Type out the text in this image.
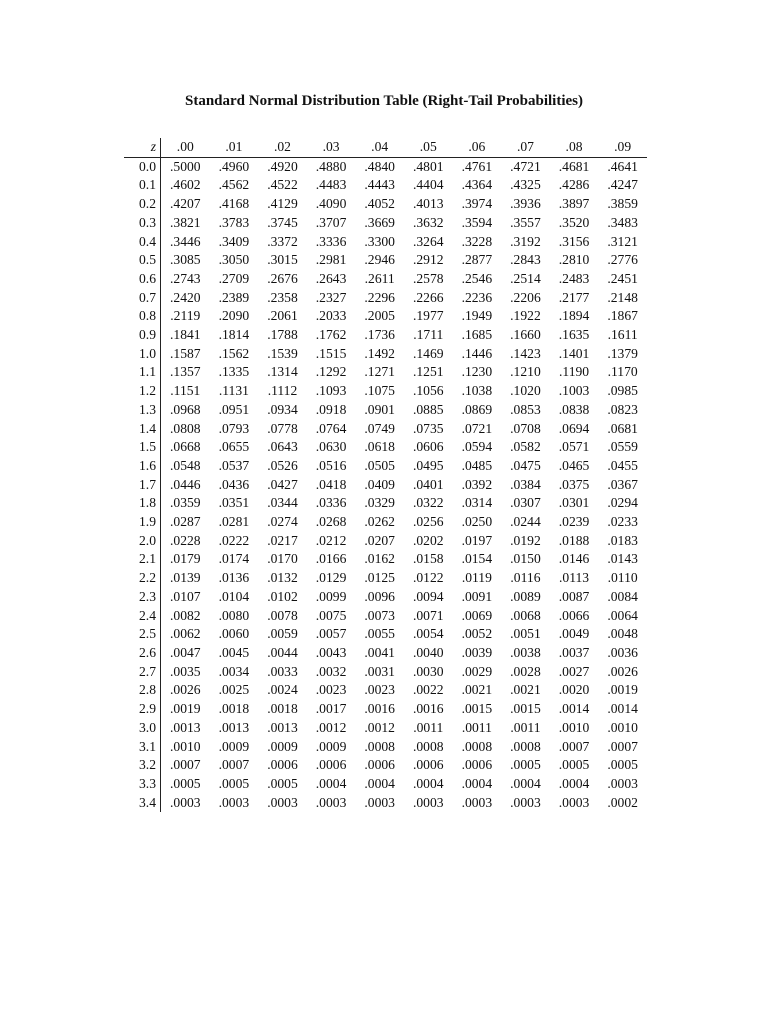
Standard Normal Distribution Table (Right-Tail Probabilities)
z	.00	.01	.02	.03	.04	.05	.06	.07	.08	.09
0.0	.5000	.4960	.4920	.4880	.4840	.4801	.4761	.4721	.4681	.4641
0.1	.4602	.4562	.4522	.4483	.4443	.4404	.4364	.4325	.4286	.4247
0.2	.4207	.4168	.4129	.4090	.4052	.4013	.3974	.3936	.3897	.3859
0.3	.3821	.3783	.3745	.3707	.3669	.3632	.3594	.3557	.3520	.3483
0.4	.3446	.3409	.3372	.3336	.3300	.3264	.3228	.3192	.3156	.3121
0.5	.3085	.3050	.3015	.2981	.2946	.2912	.2877	.2843	.2810	.2776
0.6	.2743	.2709	.2676	.2643	.2611	.2578	.2546	.2514	.2483	.2451
0.7	.2420	.2389	.2358	.2327	.2296	.2266	.2236	.2206	.2177	.2148
0.8	.2119	.2090	.2061	.2033	.2005	.1977	.1949	.1922	.1894	.1867
0.9	.1841	.1814	.1788	.1762	.1736	.1711	.1685	.1660	.1635	.1611
1.0	.1587	.1562	.1539	.1515	.1492	.1469	.1446	.1423	.1401	.1379
1.1	.1357	.1335	.1314	.1292	.1271	.1251	.1230	.1210	.1190	.1170
1.2	.1151	.1131	.1112	.1093	.1075	.1056	.1038	.1020	.1003	.0985
1.3	.0968	.0951	.0934	.0918	.0901	.0885	.0869	.0853	.0838	.0823
1.4	.0808	.0793	.0778	.0764	.0749	.0735	.0721	.0708	.0694	.0681
1.5	.0668	.0655	.0643	.0630	.0618	.0606	.0594	.0582	.0571	.0559
1.6	.0548	.0537	.0526	.0516	.0505	.0495	.0485	.0475	.0465	.0455
1.7	.0446	.0436	.0427	.0418	.0409	.0401	.0392	.0384	.0375	.0367
1.8	.0359	.0351	.0344	.0336	.0329	.0322	.0314	.0307	.0301	.0294
1.9	.0287	.0281	.0274	.0268	.0262	.0256	.0250	.0244	.0239	.0233
2.0	.0228	.0222	.0217	.0212	.0207	.0202	.0197	.0192	.0188	.0183
2.1	.0179	.0174	.0170	.0166	.0162	.0158	.0154	.0150	.0146	.0143
2.2	.0139	.0136	.0132	.0129	.0125	.0122	.0119	.0116	.0113	.0110
2.3	.0107	.0104	.0102	.0099	.0096	.0094	.0091	.0089	.0087	.0084
2.4	.0082	.0080	.0078	.0075	.0073	.0071	.0069	.0068	.0066	.0064
2.5	.0062	.0060	.0059	.0057	.0055	.0054	.0052	.0051	.0049	.0048
2.6	.0047	.0045	.0044	.0043	.0041	.0040	.0039	.0038	.0037	.0036
2.7	.0035	.0034	.0033	.0032	.0031	.0030	.0029	.0028	.0027	.0026
2.8	.0026	.0025	.0024	.0023	.0023	.0022	.0021	.0021	.0020	.0019
2.9	.0019	.0018	.0018	.0017	.0016	.0016	.0015	.0015	.0014	.0014
3.0	.0013	.0013	.0013	.0012	.0012	.0011	.0011	.0011	.0010	.0010
3.1	.0010	.0009	.0009	.0009	.0008	.0008	.0008	.0008	.0007	.0007
3.2	.0007	.0007	.0006	.0006	.0006	.0006	.0006	.0005	.0005	.0005
3.3	.0005	.0005	.0005	.0004	.0004	.0004	.0004	.0004	.0004	.0003
3.4	.0003	.0003	.0003	.0003	.0003	.0003	.0003	.0003	.0003	.0002
